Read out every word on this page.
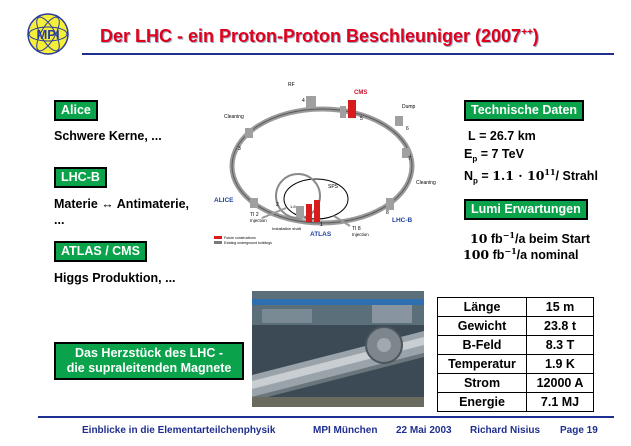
MPI Der LHC - ein Proton-Proton Beschleuniger (2007++)
Alice
Schwere Kerne, ...
LHC-B
Materie ↔ Antimaterie,
...
ATLAS / CMS
Higgs Produktion, ...
Das Herzstück des LHC -
die supraleitenden Magnete
CMS
Dump
Cleaning
Cleaning
RF
SPS
ALICE
ATLAS
LHC-B
TI 2
Injection
TI 8
Injection
Installation shaft
1
2
3
4
5
6
7
8
1.8
Future constructions
Existing underground buildings
Technische Daten
L = 26.7 km
$E_p = 7$ TeV
$N_p = 1.1 \cdot 10^{11}/$ Strahl
Lumi Erwartungen
10 $fb^{-1}/a$ beim Start
100 $fb^{-1}/a$ nominal
Länge	15 m
Gewicht	23.8 t
B-Feld	8.3 T
Temperatur	1.9 K
Strom	12000 A
Energie	7.1 MJ
Einblicke in die Elementarteilchenphysik	MPI München 22 Mai 2003 Richard Nisius Page 19
